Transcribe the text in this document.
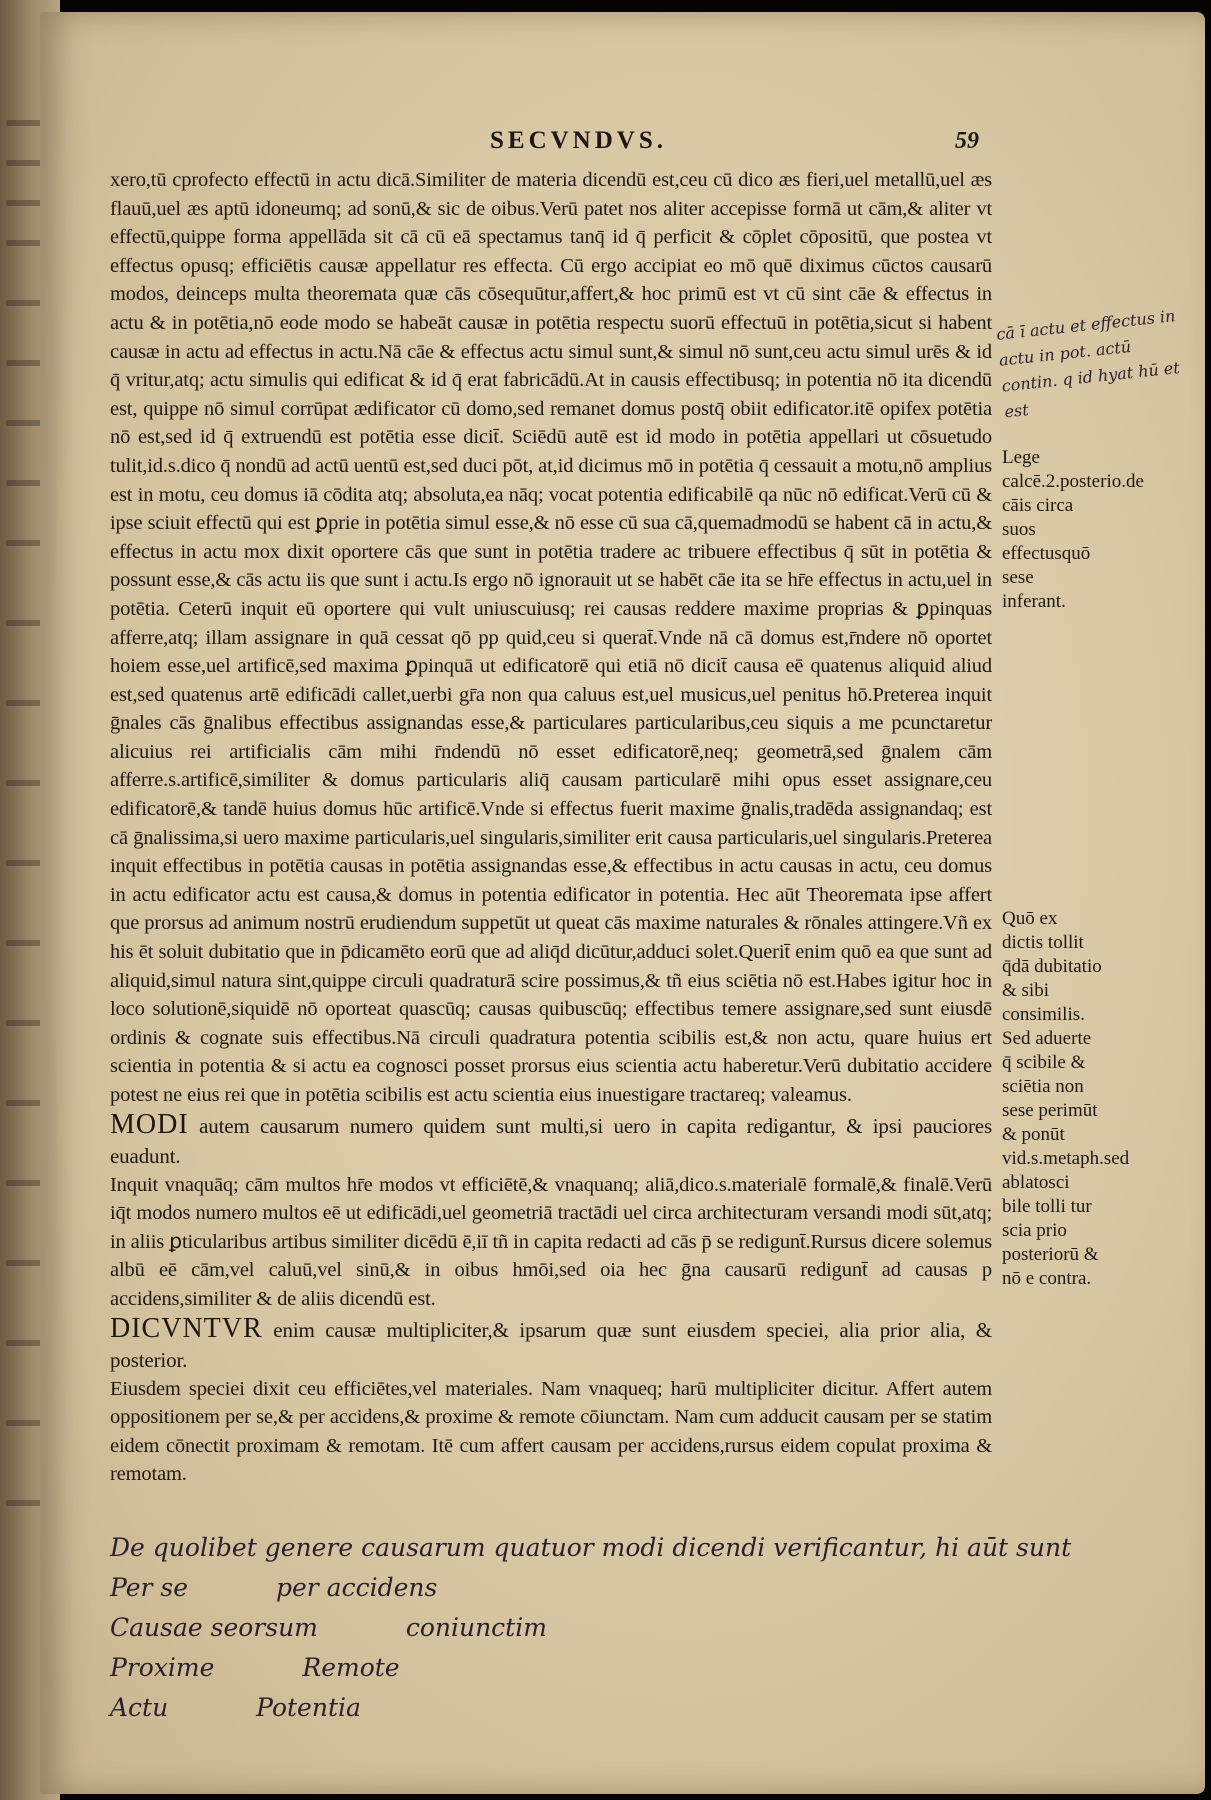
SECVNDVS.	59

xero,tū cprofecto effectū in actu dicā.Similiter de materia dicendū est,ceu cū dico æs fieri,uel metallū,uel æs flauū,uel æs aptū idoneumq; ad sonū,& sic de oibus.Verū patet nos aliter accepisse formā ut cām,& aliter vt effectū,quippe forma appellāda sit cā cū eā spectamus tanq̄ id q̄ perficit & cōplet cōpositū, que postea vt effectus opusq; efficiētis causæ appellatur res effecta. Cū ergo accipiat eo mō quē diximus cūctos causarū modos, deinceps multa theoremata quæ cās cōsequūtur,affert,& hoc primū est vt cū sint cāe & effectus in actu & in potētia,nō eode modo se habeāt causæ in potētia respectu suorū effectuū in potētia,sicut si habent causæ in actu ad effectus in actu.Nā cāe & effectus actu simul sunt,& simul nō sunt,ceu actu simul urēs & id q̄ vritur,atq; actu simulis qui edificat & id q̄ erat fabricādū.At in causis effectibusq; in potentia nō ita dicendū est, quippe nō simul corrūpat ædificator cū domo,sed remanet domus postq̄ obiit edificator.itē opifex potētia nō est,sed id q̄ extruendū est potētia esse dicit̄. Sciēdū autē est id modo in potētia appellari ut cōsuetudo tulit,id.s.dico q̄ nondū ad actū uentū est,sed duci pōt, at,id dicimus mō in potētia q̄ cessauit a motu,nō amplius est in motu, ceu domus iā cōdita atq; absoluta,ea nāq; vocat potentia edificabilē qa nūc nō edificat.Verū cū & ipse sciuit effectū qui est ꝑprie in potētia simul esse,& nō esse cū sua cā,quemadmodū se habent cā in actu,& effectus in actu mox dixit oportere cās que sunt in potētia tradere ac tribuere effectibus q̄ sūt in potētia & possunt esse,& cās actu iis que sunt i actu.Is ergo nō ignorauit ut se habēt cāe ita se hr̄e effectus in actu,uel in potētia. Ceterū inquit eū oportere qui vult uniuscuiusq; rei causas reddere maxime proprias & ꝑpinquas afferre,atq; illam assignare in quā cessat qō pp quid,ceu si querat̄.Vnde nā cā domus est,r̄ndere nō oportet hoiem esse,uel artificē,sed maxima ꝑpinquā ut edificatorē qui etiā nō dicit̄ causa eē quatenus aliquid aliud est,sed quatenus artē edificādi callet,uerbi gr̄a non qua caluus est,uel musicus,uel penitus hō.Preterea inquit ḡnales cās ḡnalibus effectibus assignandas esse,& particulares particularibus,ceu siquis a me pcunctaretur alicuius rei artificialis cām mihi r̄ndendū nō esset edificatorē,neq; geometrā,sed ḡnalem cām afferre.s.artificē,similiter & domus particularis aliq̄ causam particularē mihi opus esset assignare,ceu edificatorē,& tandē huius domus hūc artificē.Vnde si effectus fuerit maxime ḡnalis,tradēda assignandaq; est cā ḡnalissima,si uero maxime particularis,uel singularis,similiter erit causa particularis,uel singularis.Preterea inquit effectibus in potētia causas in potētia assignandas esse,& effectibus in actu causas in actu, ceu domus in actu edificator actu est causa,& domus in potentia edificator in potentia. Hec aūt Theoremata ipse affert que prorsus ad animum nostrū erudiendum suppetūt ut queat cās maxime naturales & rōnales attingere.Vñ ex his ēt soluit dubitatio que in p̄dicamēto eorū que ad aliq̄d dicūtur,adduci solet.Querit̄ enim quō ea que sunt ad aliquid,simul natura sint,quippe circuli quadraturā scire possimus,& tñ eius sciētia nō est.Habes igitur hoc in loco solutionē,siquidē nō oporteat quascūq; causas quibuscūq; effectibus temere assignare,sed sunt eiusdē ordinis & cognate suis effectibus.Nā circuli quadratura potentia scibilis est,& non actu, quare huius ert scientia in potentia & si actu ea cognosci posset prorsus eius scientia actu haberetur.Verū dubitatio accidere potest ne eius rei que in potētia scibilis est actu scientia eius inuestigare tractareq; valeamus.

MODI autem causarum numero quidem sunt multi,si uero in capita redigantur, & ipsi pauciores euadunt.

Inquit vnaquāq; cām multos hr̄e modos vt efficiētē,& vnaquanq; aliā,dico.s.materialē formalē,& finalē.Verū iq̄t modos numero multos eē ut edificādi,uel geometriā tractādi uel circa architecturam versandi modi sūt,atq; in aliis ꝑticularibus artibus similiter dicēdū ē,iī tñ in capita redacti ad cās p̄ se redigunt̄.Rursus dicere solemus albū eē cām,vel caluū,vel sinū,& in oibus hmōi,sed oia hec ḡna causarū redigunt̄ ad causas p accidens,similiter & de aliis dicendū est.

DICVNTVR enim causæ multipliciter,& ipsarum quæ sunt eiusdem speciei, alia prior alia, & posterior.

Eiusdem speciei dixit ceu efficiētes,vel materiales. Nam vnaqueq; harū multipliciter dicitur. Affert autem oppositionem per se,& per accidens,& proxime & remote cōiunctam. Nam cum adducit causam per se statim eidem cōnectit proximam & remotam. Itē cum affert causam per accidens,rursus eidem copulat proxima & remotam.

Lege calcē.2.posterio.de cāis circa suos effectusquō sese inferant.
Quō ex dictis tollit q̄dā dubitatio & sibi consimilis. Sed aduerte q̄ scibile & sciētia non sese perimūt & ponūt vid.s.metaph.sed ablatosci bile tolli tur scia prio posteriorū & nō e contra.
cā ī actu et effectus in actu in pot. actū contin. q id hyat hū et est
De quolibet genere causarum quatuor modi dicendi verificantur, hi aūt sunt
Per se	per accidens
Causae seorsum	coniunctim
Proxime	Remote
Actu	Potentia
